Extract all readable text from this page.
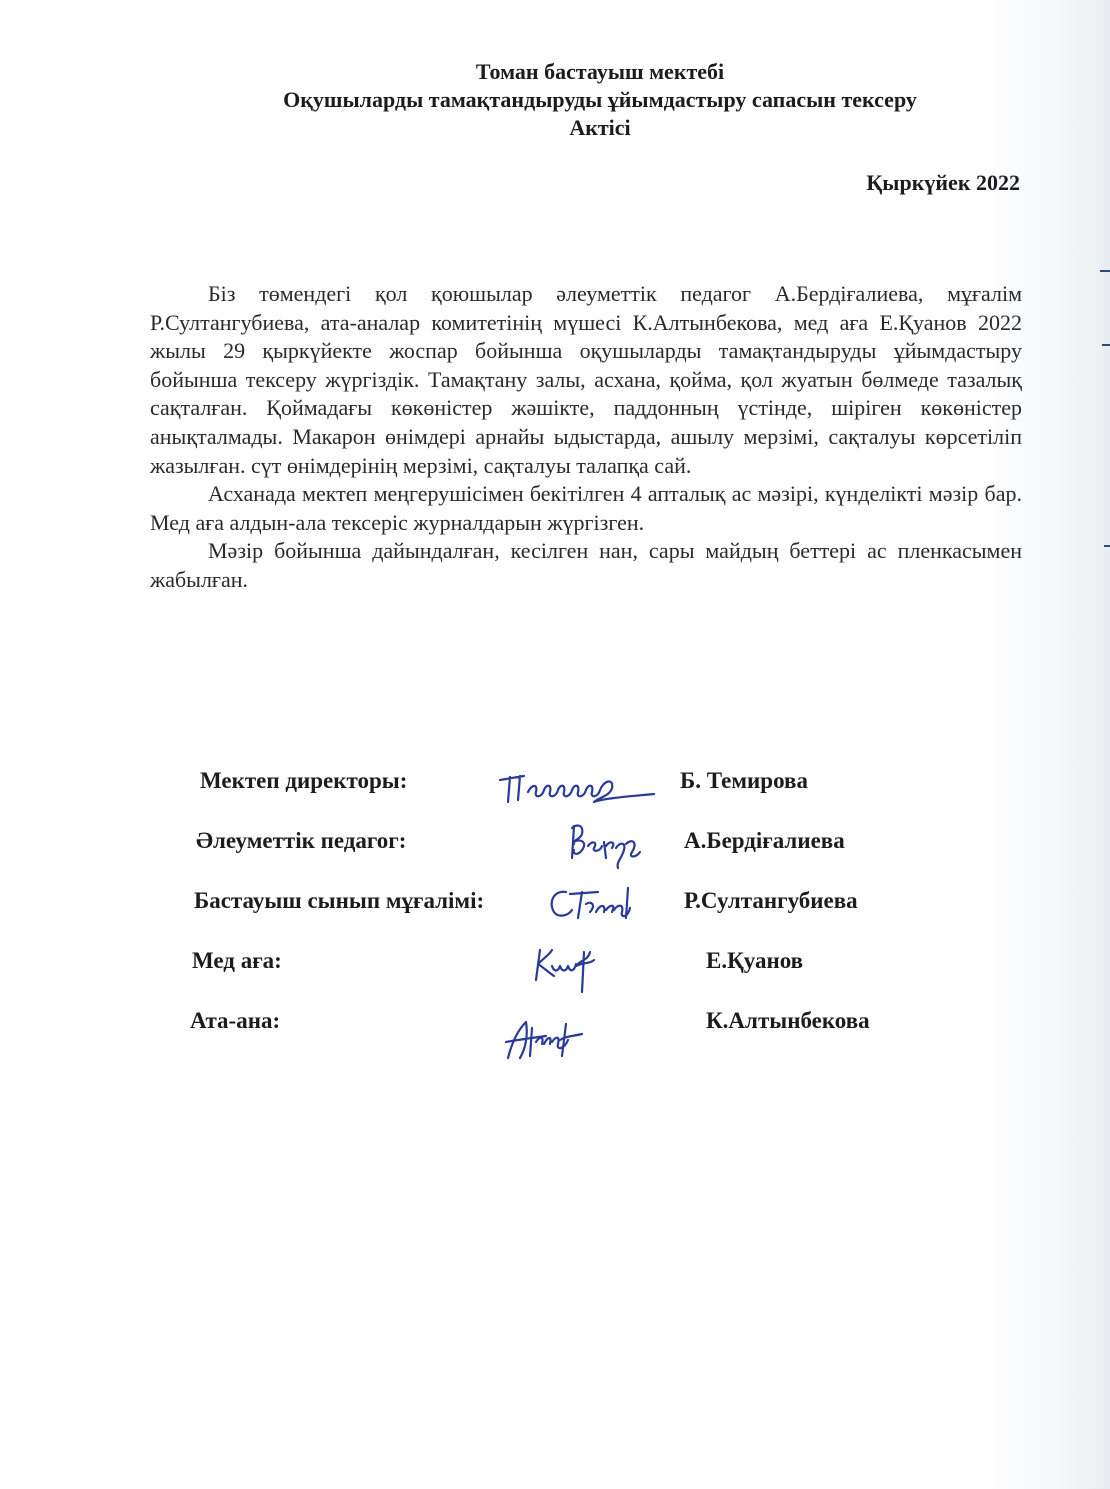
Томан бастауыш мектебі
Оқушыларды тамақтандыруды ұйымдастыру сапасын тексеру
Актісі
Қыркүйек 2022

Біз төмендегі қол қоюшылар әлеуметтік педагог А.Бердіғалиева, мұғалім Р.Султангубиева, ата-аналар комитетінің мүшесі К.Алтынбекова, мед аға Е.Қуанов 2022 жылы 29 қыркүйекте жоспар бойынша оқушыларды тамақтандыруды ұйымдастыру бойынша тексеру жүргіздік. Тамақтану залы, асхана, қойма, қол жуатын бөлмеде тазалық сақталған. Қоймадағы көкөністер жәшікте, паддонның үстінде, шіріген көкөністер анықталмады. Макарон өнімдері арнайы ыдыстарда, ашылу мерзімі, сақталуы көрсетіліп жазылған. сүт өнімдерінің мерзімі, сақталуы талапқа сай.

Асханада мектеп меңгерушісімен бекітілген 4 апталық ас мәзірі, күнделікті мәзір бар. Мед аға алдын-ала тексеріс журналдарын жүргізген.

Мәзір бойынша дайындалған, кесілген нан, сары майдың беттері ас пленкасымен жабылған.

Мектеп директоры:	Б. Темирова
Әлеуметтік педагог:	А.Бердіғалиева
Бастауыш сынып мұғалімі:	Р.Султангубиева
Мед аға:	Е.Қуанов
Ата-ана:	К.Алтынбекова
